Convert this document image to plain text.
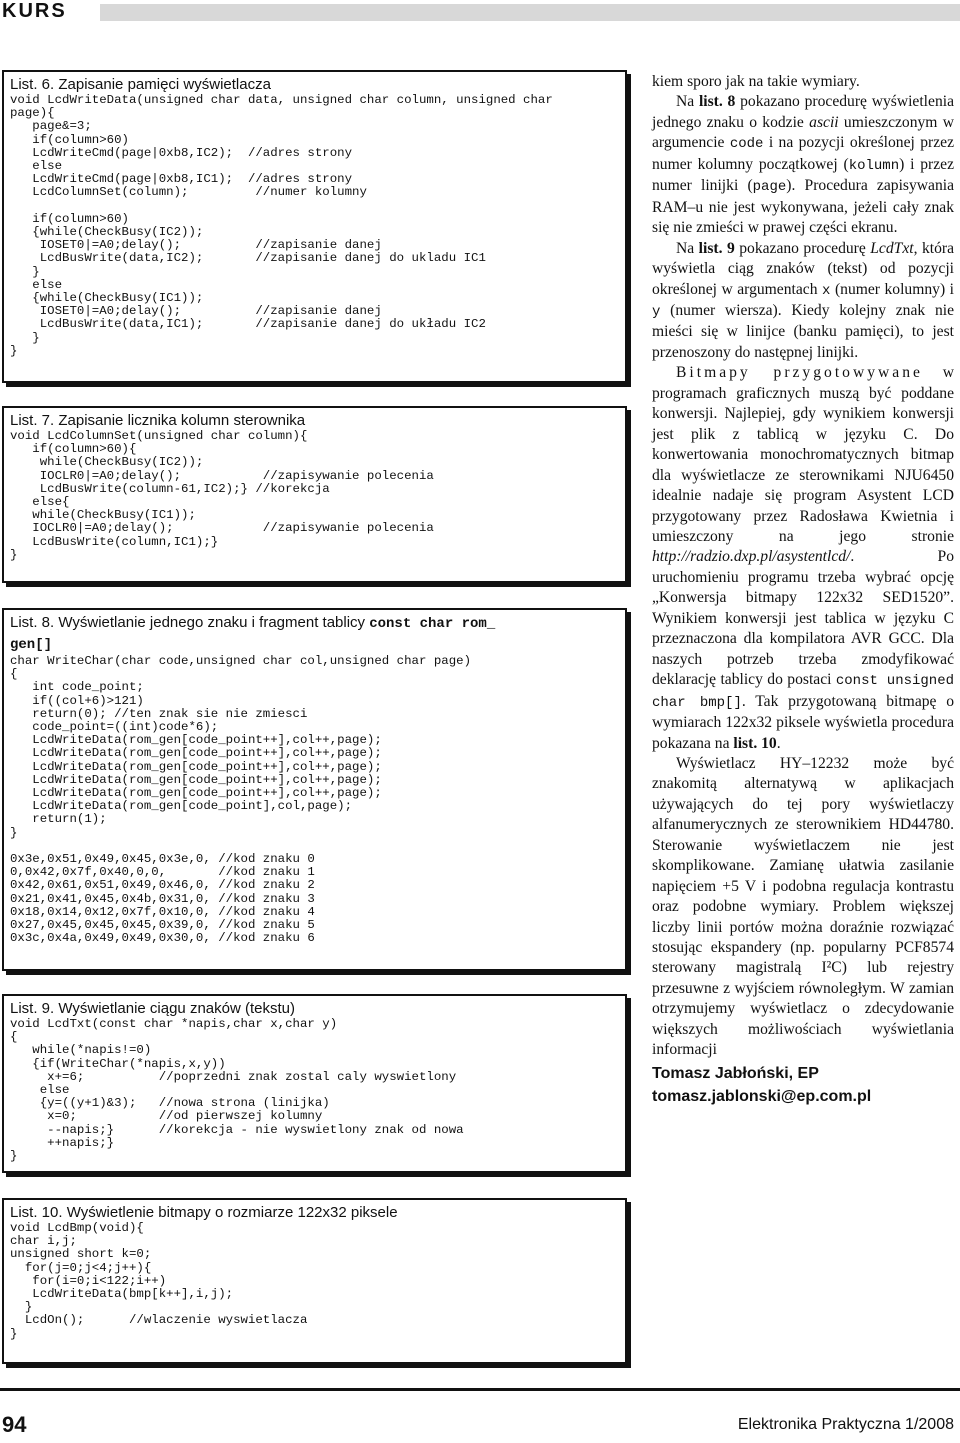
KURS
List. 6. Zapisanie pamięci wyświetlacza
void LcdWriteData(unsigned char data, unsigned char column, unsigned char
page){
page&=3;
if(column>60)
LcdWriteCmd(page|0xb8,IC2);  //adres strony
else
LcdWriteCmd(page|0xb8,IC1);  //adres strony
LcdColumnSet(column);         //numer kolumny

if(column>60)
{while(CheckBusy(IC2));
IOSET0|=A0;delay();          //zapisanie danej
LcdBusWrite(data,IC2);       //zapisanie danej do ukladu IC1
}
else
{while(CheckBusy(IC1));
IOSET0|=A0;delay();          //zapisanie danej
LcdBusWrite(data,IC1);       //zapisanie danej do układu IC2
}
}
List. 7. Zapisanie licznika kolumn sterownika
void LcdColumnSet(unsigned char column){
if(column>60){
while(CheckBusy(IC2));
IOCLR0|=A0;delay();           //zapisywanie polecenia
LcdBusWrite(column-61,IC2);} //korekcja
else{
while(CheckBusy(IC1));
IOCLR0|=A0;delay();            //zapisywanie polecenia
LcdBusWrite(column,IC1);}
}
List. 8. Wyświetlanie jednego znaku i fragment tablicy const char rom_
gen[]
char WriteChar(char code,unsigned char col,unsigned char page)
{
int code_point;
if((col+6)>121)
return(0); //ten znak sie nie zmiesci
code_point=((int)code*6);
LcdWriteData(rom_gen[code_point++],col++,page);
LcdWriteData(rom_gen[code_point++],col++,page);
LcdWriteData(rom_gen[code_point++],col++,page);
LcdWriteData(rom_gen[code_point++],col++,page);
LcdWriteData(rom_gen[code_point++],col++,page);
LcdWriteData(rom_gen[code_point],col,page);
return(1);
}

0x3e,0x51,0x49,0x45,0x3e,0, //kod znaku 0
0,0x42,0x7f,0x40,0,0,       //kod znaku 1
0x42,0x61,0x51,0x49,0x46,0, //kod znaku 2
0x21,0x41,0x45,0x4b,0x31,0, //kod znaku 3
0x18,0x14,0x12,0x7f,0x10,0, //kod znaku 4
0x27,0x45,0x45,0x45,0x39,0, //kod znaku 5
0x3c,0x4a,0x49,0x49,0x30,0, //kod znaku 6
List. 9. Wyświetlanie ciągu znaków (tekstu)
void LcdTxt(const char *napis,char x,char y)
{
while(*napis!=0)
{if(WriteChar(*napis,x,y))
x+=6;          //poprzedni znak zostal caly wyswietlony
else
{y=((y+1)&3);   //nowa strona (linijka)
x=0;           //od pierwszej kolumny
--napis;}      //korekcja - nie wyswietlony znak od nowa
++napis;}
}
List. 10. Wyświetlenie bitmapy o rozmiarze 122x32 piksele
void LcdBmp(void){
char i,j;
unsigned short k=0;
for(j=0;j<4;j++){
for(i=0;i<122;i++)
LcdWriteData(bmp[k++],i,j);
}
LcdOn();      //wlaczenie wyswietlacza
}

kiem sporo jak na takie wymiary.

Na list. 8 pokazano procedurę wyświetlenia jednego znaku o kodzie ascii umieszczonym w argumencie code i na pozycji określonej przez numer kolumny początkowej (kolumn) i przez numer linijki (page). Procedura zapisywania RAM–u nie jest wykonywana, jeżeli cały znak się nie zmieści w prawej części ekranu.

Na list. 9 pokazano procedurę LcdTxt, która wyświetla ciąg znaków (tekst) od pozycji określonej w argumentach x (numer kolumny) i y (numer wiersza). Kiedy kolejny znak nie mieści się w linijce (banku pamięci), to jest przenoszony do następnej linijki.

Bitmapy przygotowywane w programach graficznych muszą być poddane konwersji. Najlepiej, gdy wynikiem konwersji jest plik z tablicą w języku C. Do konwertowania monochromatycznych bitmap dla wyświetlacze ze sterownikami NJU6450 idealnie nadaje się program Asystent LCD przygotowany przez Radosława Kwietnia i umieszczony na jego stronie http://radzio.dxp.pl/asystentlcd/. Po uruchomieniu programu trzeba wybrać opcję „Konwersja bitmapy 122x32 SED1520”. Wynikiem konwersji jest tablica w języku C przeznaczona dla kompilatora AVR GCC. Dla naszych potrzeb trzeba zmodyfikować deklarację tablicy do postaci const unsigned char bmp[]. Tak przygotowaną bitmapę o wymiarach 122x32 piksele wyświetla procedura pokazana na list. 10.

Wyświetlacz HY–12232 może być znakomitą alternatywą w aplikacjach używających do tej pory wyświetlaczy alfanumerycznych ze sterownikiem HD44780. Sterowanie wyświetlaczem nie jest skomplikowane. Zamianę ułatwia zasilanie napięciem +5 V i podobna regulacja kontrastu oraz podobne wymiary. Problem większej liczby linii portów można doraźnie rozwiązać stosując ekspandery (np. popularny PCF8574 sterowany magistralą I²C) lub rejestry przesuwne z wyjściem równoległym. W zamian otrzymujemy wyświetlacz o zdecydowanie większych możliwościach wyświetlania informacji

Tomasz Jabłoński, EP
tomasz.jablonski@ep.com.pl
94	Elektronika Praktyczna 1/2008
